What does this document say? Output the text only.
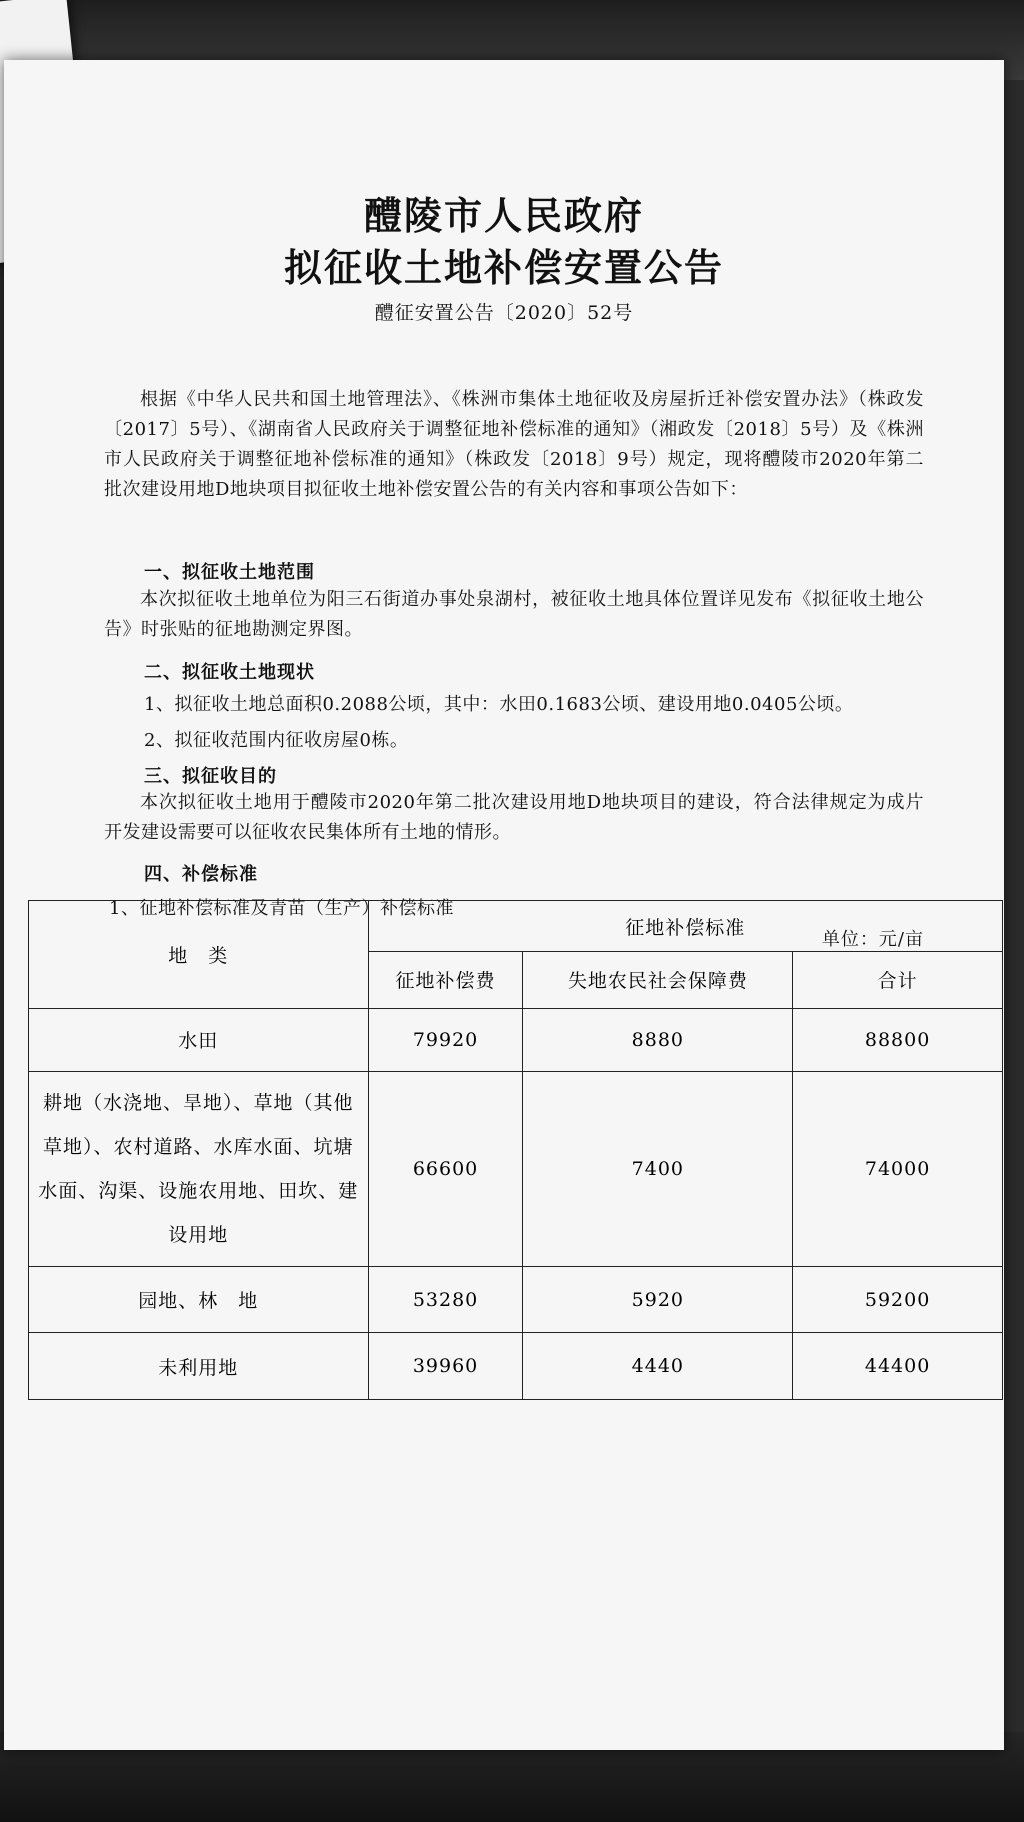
醴陵市人民政府
拟征收土地补偿安置公告
醴征安置公告〔2020〕52号
根据《中华人民共和国土地管理法》、《株洲市集体土地征收及房屋折迁补偿安置办法》（株政发〔2017〕5号）、《湖南省人民政府关于调整征地补偿标准的通知》（湘政发〔2018〕5号）及《株洲市人民政府关于调整征地补偿标准的通知》（株政发〔2018〕9号）规定，现将醴陵市2020年第二批次建设用地D地块项目拟征收土地补偿安置公告的有关内容和事项公告如下：
一、拟征收土地范围
本次拟征收土地单位为阳三石街道办事处泉湖村，被征收土地具体位置详见发布《拟征收土地公告》时张贴的征地勘测定界图。
二、拟征收土地现状
1、拟征收土地总面积0.2088公顷，其中：水田0.1683公顷、建设用地0.0405公顷。
2、拟征收范围内征收房屋0栋。
三、拟征收目的
本次拟征收土地用于醴陵市2020年第二批次建设用地D地块项目的建设，符合法律规定为成片开发建设需要可以征收农民集体所有土地的情形。
四、补偿标准
1、征地补偿标准及青苗（生产）补偿标准
单位：元/亩
地　类	征地补偿标准		
	征地补偿费	失地农民社会保障费	合计
水田	79920	8880	88800
耕地（水浇地、旱地）、草地（其他草地）、农村道路、水库水面、坑塘水面、沟渠、设施农用地、田坎、建设用地	66600	7400	74000
园地、林　地	53280	5920	59200
未利用地	39960	4440	44400
